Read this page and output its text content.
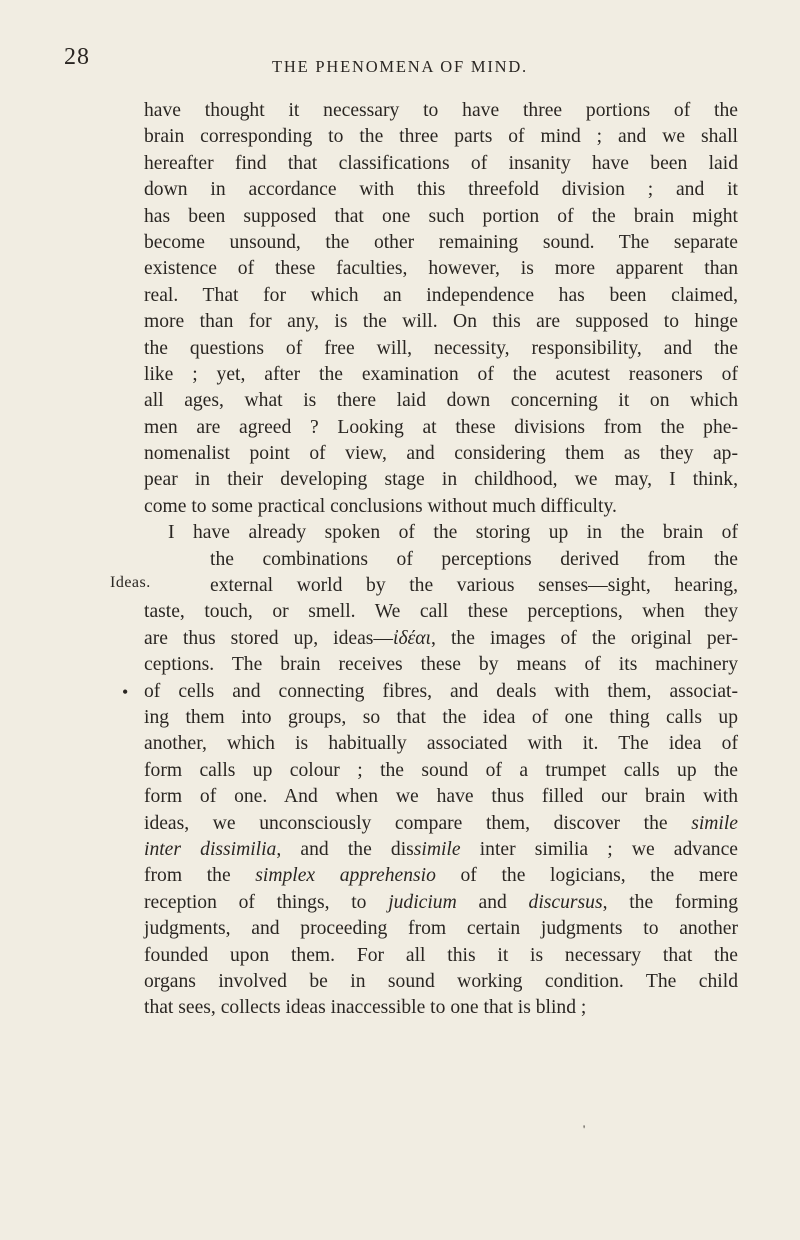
28	THE PHENOMENA OF MIND.
have thought it necessary to have three portions of the
brain corresponding to the three parts of mind ; and we shall
hereafter find that classifications of insanity have been laid
down in accordance with this threefold division ; and it
has been supposed that one such portion of the brain might
become unsound, the other remaining sound. The separate
existence of these faculties, however, is more apparent than
real. That for which an independence has been claimed,
more than for any, is the will. On this are supposed to hinge
the questions of free will, necessity, responsibility, and the
like ; yet, after the examination of the acutest reasoners of
all ages, what is there laid down concerning it on which
men are agreed ? Looking at these divisions from the phe-
nomenalist point of view, and considering them as they ap-
pear in their developing stage in childhood, we may, I think,
come to some practical conclusions without much difficulty.
I have already spoken of the storing up in the brain of
the combinations of perceptions derived from the
external world by the various senses—sight, hearing,
taste, touch, or smell. We call these perceptions, when they
are thus stored up, ideas—ἰδέαι, the images of the original per-
ceptions. The brain receives these by means of its machinery
of cells and connecting fibres, and deals with them, associat-
ing them into groups, so that the idea of one thing calls up
another, which is habitually associated with it. The idea of
form calls up colour ; the sound of a trumpet calls up the
form of one. And when we have thus filled our brain with
ideas, we unconsciously compare them, discover the simile
inter dissimilia, and the dissimile inter similia ; we advance
from the simplex apprehensio of the logicians, the mere
reception of things, to judicium and discursus, the forming
judgments, and proceeding from certain judgments to another
founded upon them. For all this it is necessary that the
organs involved be in sound working condition. The child
that sees, collects ideas inaccessible to one that is blind ;
Ideas.
•
'
